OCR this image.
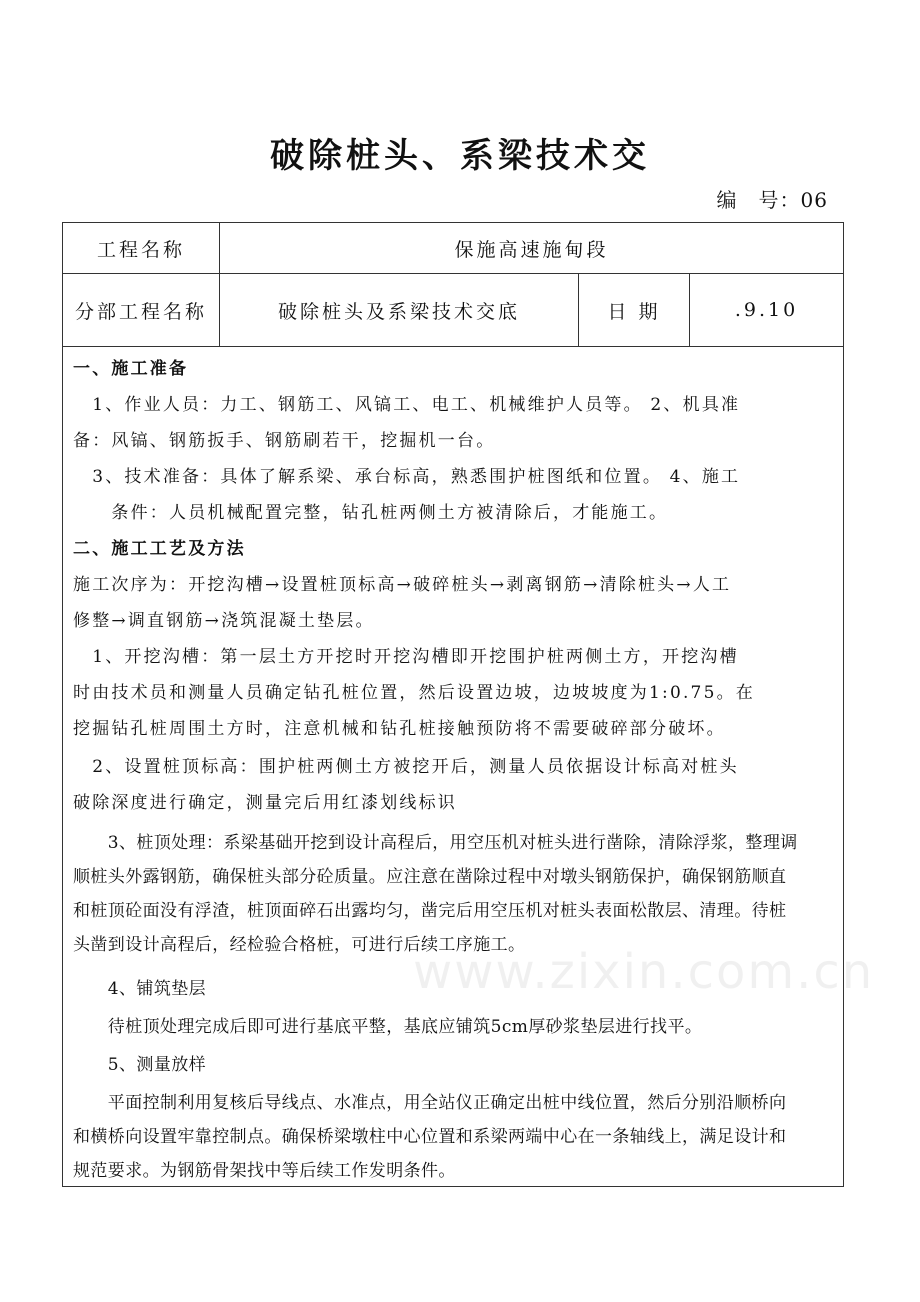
破除桩头、系梁技术交
编　号：06
工程名称	保施高速施甸段		
分部工程名称	破除桩头及系梁技术交底	日 期	.9.10
www.zixin.com.cn
一、施工准备
　1、作业人员：力工、钢筋工、风镐工、电工、机械维护人员等。 2、机具准
备：风镐、钢筋扳手、钢筋刷若干，挖掘机一台。
　3、技术准备：具体了解系梁、承台标高，熟悉围护桩图纸和位置。 4、施工
　　条件：人员机械配置完整，钻孔桩两侧土方被清除后，才能施工。
二、施工工艺及方法
施工次序为：开挖沟槽→设置桩顶标高→破碎桩头→剥离钢筋→清除桩头→人工
修整→调直钢筋→浇筑混凝土垫层。
　1、开挖沟槽：第一层土方开挖时开挖沟槽即开挖围护桩两侧土方，开挖沟槽
时由技术员和测量人员确定钻孔桩位置，然后设置边坡，边坡坡度为1:0.75。在
挖掘钻孔桩周围土方时，注意机械和钻孔桩接触预防将不需要破碎部分破坏。
　2、设置桩顶标高：围护桩两侧土方被挖开后，测量人员依据设计标高对桩头
破除深度进行确定，测量完后用红漆划线标识
　　3、桩顶处理：系梁基础开挖到设计高程后，用空压机对桩头进行凿除，清除浮浆，整理调
顺桩头外露钢筋，确保桩头部分砼质量。应注意在凿除过程中对墩头钢筋保护，确保钢筋顺直
和桩顶砼面没有浮渣，桩顶面碎石出露均匀，凿完后用空压机对桩头表面松散层、清理。待桩
头凿到设计高程后，经检验合格桩，可进行后续工序施工。
　　4、铺筑垫层
　　待桩顶处理完成后即可进行基底平整，基底应铺筑5cm厚砂浆垫层进行找平。
　　5、测量放样
　　平面控制利用复核后导线点、水准点，用全站仪正确定出桩中线位置，然后分别沿顺桥向
和横桥向设置牢靠控制点。确保桥梁墩柱中心位置和系梁两端中心在一条轴线上，满足设计和
规范要求。为钢筋骨架找中等后续工作发明条件。
